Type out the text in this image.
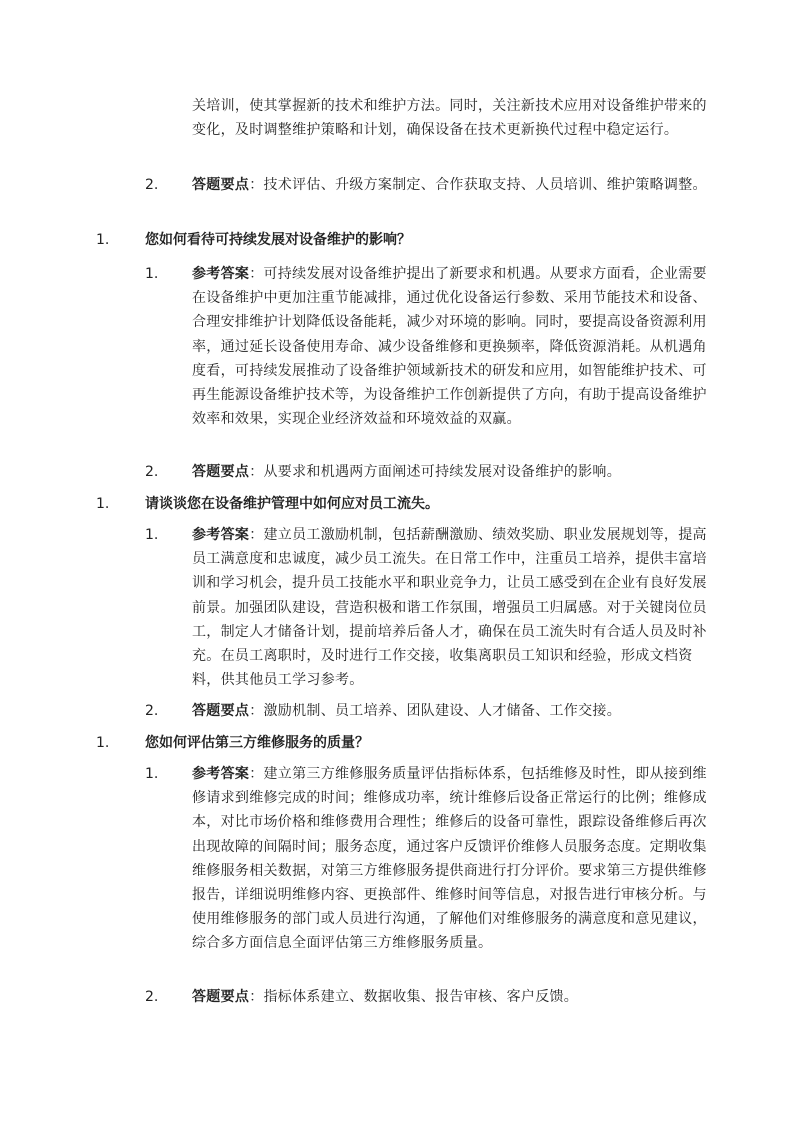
关培训，使其掌握新的技术和维护方法。同时，关注新技术应用对设备维护带来的变化，及时调整维护策略和计划，确保设备在技术更新换代过程中稳定运行。
2. 答题要点：技术评估、升级方案制定、合作获取支持、人员培训、维护策略调整。
1.	您如何看待可持续发展对设备维护的影响？
1. 参考答案：可持续发展对设备维护提出了新要求和机遇。从要求方面看，企业需要在设备维护中更加注重节能减排，通过优化设备运行参数、采用节能技术和设备、合理安排维护计划降低设备能耗，减少对环境的影响。同时，要提高设备资源利用率，通过延长设备使用寿命、减少设备维修和更换频率，降低资源消耗。从机遇角度看，可持续发展推动了设备维护领域新技术的研发和应用，如智能维护技术、可再生能源设备维护技术等，为设备维护工作创新提供了方向，有助于提高设备维护效率和效果，实现企业经济效益和环境效益的双赢。
2. 答题要点：从要求和机遇两方面阐述可持续发展对设备维护的影响。
1.	请谈谈您在设备维护管理中如何应对员工流失。
1. 参考答案：建立员工激励机制，包括薪酬激励、绩效奖励、职业发展规划等，提高员工满意度和忠诚度，减少员工流失。在日常工作中，注重员工培养，提供丰富培训和学习机会，提升员工技能水平和职业竞争力，让员工感受到在企业有良好发展前景。加强团队建设，营造积极和谐工作氛围，增强员工归属感。对于关键岗位员工，制定人才储备计划，提前培养后备人才，确保在员工流失时有合适人员及时补充。在员工离职时，及时进行工作交接，收集离职员工知识和经验，形成文档资料，供其他员工学习参考。
2. 答题要点：激励机制、员工培养、团队建设、人才储备、工作交接。
1.	您如何评估第三方维修服务的质量？
1. 参考答案：建立第三方维修服务质量评估指标体系，包括维修及时性，即从接到维修请求到维修完成的时间；维修成功率，统计维修后设备正常运行的比例；维修成本，对比市场价格和维修费用合理性；维修后的设备可靠性，跟踪设备维修后再次出现故障的间隔时间；服务态度，通过客户反馈评价维修人员服务态度。定期收集维修服务相关数据，对第三方维修服务提供商进行打分评价。要求第三方提供维修报告，详细说明维修内容、更换部件、维修时间等信息，对报告进行审核分析。与使用维修服务的部门或人员进行沟通，了解他们对维修服务的满意度和意见建议，综合多方面信息全面评估第三方维修服务质量。
2. 答题要点：指标体系建立、数据收集、报告审核、客户反馈。
